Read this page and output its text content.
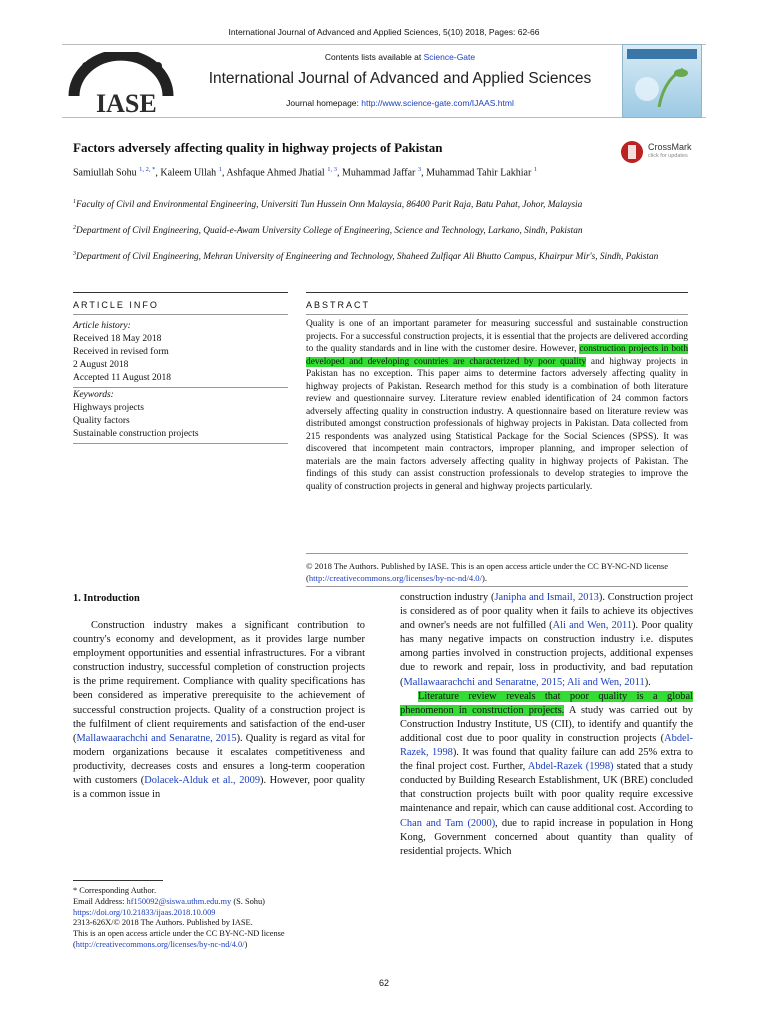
International Journal of Advanced and Applied Sciences, 5(10) 2018, Pages: 62-66
IASE
Contents lists available at Science-Gate
International Journal of Advanced and Applied Sciences
Journal homepage: http://www.science-gate.com/IJAAS.html
Factors adversely affecting quality in highway projects of Pakistan	CrossMark
click for updates
Samiullah Sohu $^{1, 2, *}$, Kaleem Ullah $^1$, Ashfaque Ahmed Jhatial $^{1, 3}$, Muhammad Jaffar $^3$, Muhammad Tahir Lakhiar $^1$
$^1$Faculty of Civil and Environmental Engineering, Universiti Tun Hussein Onn Malaysia, 86400 Parit Raja, Batu Pahat, Johor, Malaysia
$^2$Department of Civil Engineering, Quaid-e-Awam University College of Engineering, Science and Technology, Larkano, Sindh, Pakistan
$^3$Department of Civil Engineering, Mehran University of Engineering and Technology, Shaheed Zulfiqar Ali Bhutto Campus, Khairpur Mir's, Sindh, Pakistan
ARTICLE INFO	ABSTRACT
Article history:
Received 18 May 2018
Received in revised form
2 August 2018
Accepted 11 August 2018
Keywords:
Highways projects
Quality factors
Sustainable construction projects
Quality is one of an important parameter for measuring successful and sustainable construction projects. For a successful construction projects, it is essential that the projects are delivered according to the quality standards and in line with the customer desire. However, construction projects in both developed and developing countries are characterized by poor quality and highway projects in Pakistan has no exception. This paper aims to determine factors adversely affecting quality in highway projects of Pakistan. Research method for this study is a combination of both literature review and questionnaire survey. Literature review enabled identification of 24 common factors adversely affecting quality in construction industry. A questionnaire based on literature review was distributed amongst construction professionals of highway projects in Pakistan. Data collected from 215 respondents was analyzed using Statistical Package for the Social Sciences (SPSS). It was discovered that incompetent main contractors, improper planning, and improper selection of materials are the main factors adversely affecting quality in highway projects of Pakistan. The findings of this study can assist construction professionals to develop strategies to improve the quality of construction projects in general and highway projects particularly.
© 2018 The Authors. Published by IASE. This is an open access article under the CC BY-NC-ND license (http://creativecommons.org/licenses/by-nc-nd/4.0/).
1. Introduction
Construction industry makes a significant contribution to country's economy and development, as it provides large number employment opportunities and essential infrastructures. For a vibrant construction industry, successful completion of construction projects is the prime requirement. Compliance with quality specifications has been considered as imperative prerequisite to the achievement of successful construction projects. Quality of a construction project is the fulfilment of client requirements and satisfaction of the end-user (Mallawaarachchi and Senaratne, 2015). Quality is regard as vital for modern organizations because it escalates competitiveness and productivity, decreases costs and ensures a long-term cooperation with customers (Dolacek-Alduk et al., 2009). However, poor quality is a common issue in
construction industry (Janipha and Ismail, 2013). Construction project is considered as of poor quality when it fails to achieve its objectives and owner's needs are not fulfilled (Ali and Wen, 2011). Poor quality has many negative impacts on construction industry i.e. disputes among parties involved in construction projects, additional expenses due to rework and repair, loss in productivity, and bad reputation (Mallawaarachchi and Senaratne, 2015; Ali and Wen, 2011).
Literature review reveals that poor quality is a global phenomenon in construction projects. A study was carried out by Construction Industry Institute, US (CII), to identify and quantify the additional cost due to poor quality in construction projects (Abdel-Razek, 1998). It was found that quality failure can add 25% extra to the final project cost. Further, Abdel-Razek (1998) stated that a study conducted by Building Research Establishment, UK (BRE) concluded that construction projects built with poor quality require excessive maintenance and repair, which can cause additional cost. According to Chan and Tam (2000), due to rapid increase in population in Hong Kong, Government concerned about quantity than quality of residential projects. Which
* Corresponding Author.
Email Address: hf150092@siswa.uthm.edu.my (S. Sohu)
https://doi.org/10.21833/ijaas.2018.10.009
2313-626X/© 2018 The Authors. Published by IASE.
This is an open access article under the CC BY-NC-ND license
(http://creativecommons.org/licenses/by-nc-nd/4.0/)
62
